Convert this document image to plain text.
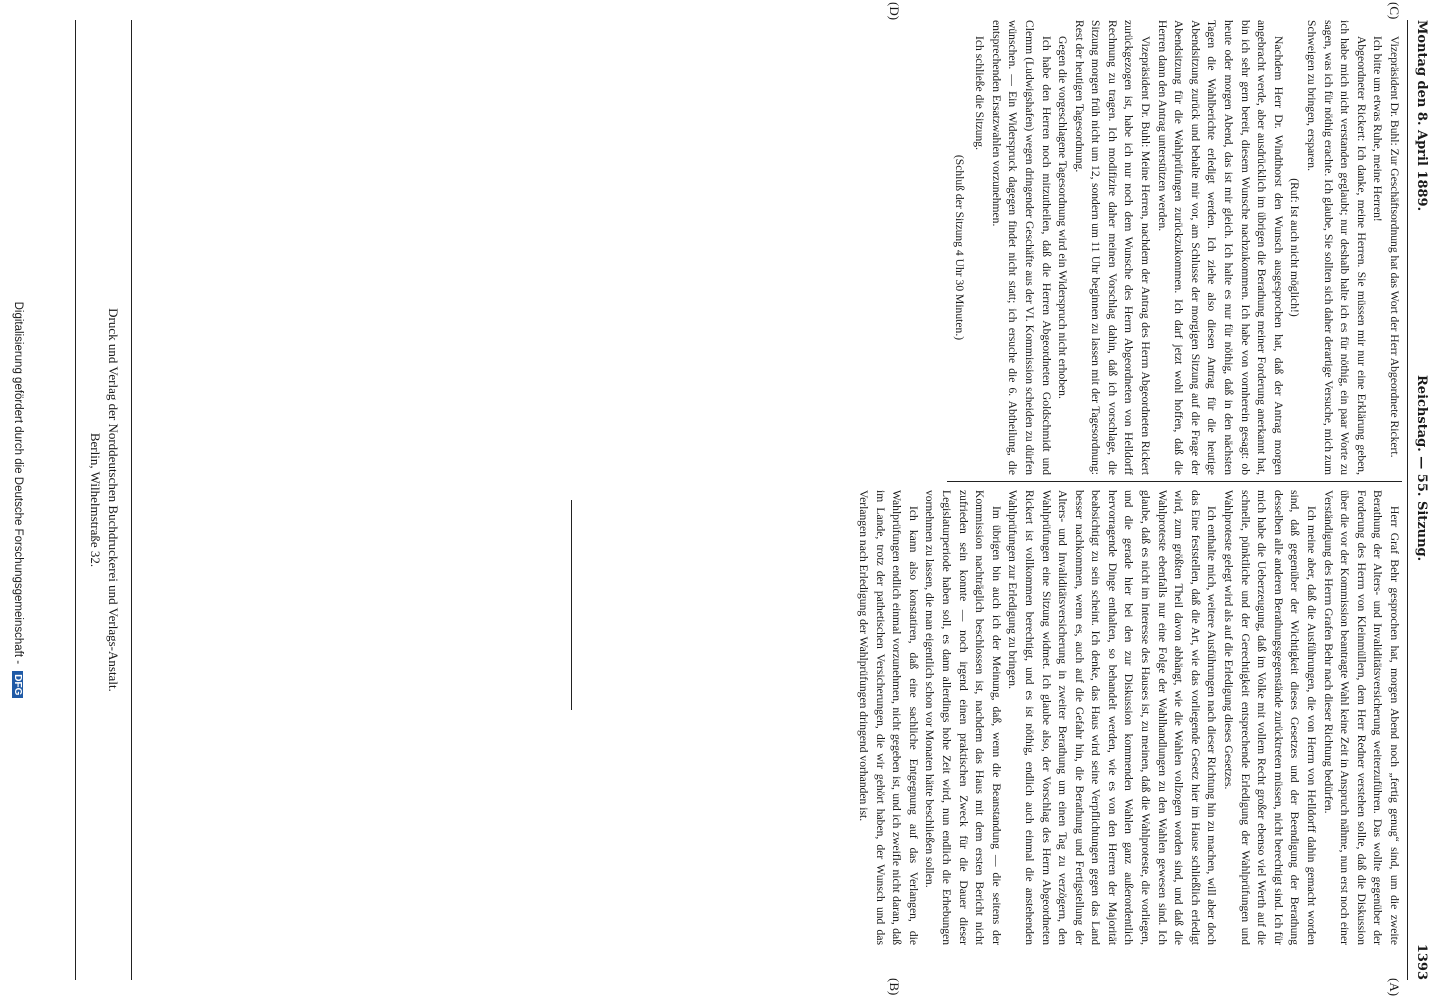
Montag den 8. April 1889.
Reichstag. — 55. Sitzung.
1393
(A)
(B)
(C)
(D)

Herr Graf Behr gesprochen hat, morgen Abend noch „fertig genug“ sind, um die zweite Berathung der Alters- und Invaliditätsversicherung weiterzuführen. Das wollte gegenüber der Forderung des Herrn von Kleinmüllern, dem Herr Redner verstehen sollte, daß die Diskussion über die vor der Kommission beantragte Wahl keine Zeit in Anspruch nähme, nun erst noch einer Verständigung des Herrn Grafen Behr nach dieser Richtung bedürfen.

Ich meine aber, daß die Ausführungen, die von Herrn von Helldorff dahin gemacht worden sind, daß gegenüber der Wichtigkeit dieses Gesetzes und der Beendigung der Berathung desselben alle anderen Berathungsgegenstände zurücktreten müssen, nicht berechtigt sind. Ich für mich habe die Ueberzeugung, daß im Volke mit vollem Recht großer ebenso viel Werth auf die schnelle, pünktliche und der Gerechtigkeit entsprechende Erledigung der Wahlprüfungen und Wahlproteste gelegt wird als auf die Erledigung dieses Gesetzes.

Ich enthalte mich, weitere Ausführungen nach dieser Richtung hin zu machen, will aber doch das Eine feststellen, daß die Art, wie das vorliegende Gesetz hier im Hause schließlich erledigt wird, zum größten Theil davon abhängt, wie die Wahlen vollzogen worden sind, und daß die Wahlproteste ebenfalls nur eine Folge der Wahlhandlungen zu den Wahlen gewesen sind. Ich glaube, daß es nicht im Interesse des Hauses ist, zu meinen, daß die Wahlproteste, die vorliegen, und die gerade hier bei den zur Diskussion kommenden Wahlen ganz außerordentlich hervorragende Dinge enthalten, so behandelt werden, wie es von den Herren der Majorität beabsichtigt zu sein scheint. Ich denke, das Haus wird seine Verpflichtungen gegen das Land besser nachkommen, wenn es, auch auf die Gefahr hin, die Berathung und Fertigstellung der Alters- und Invaliditätsversicherung in zweiter Berathung um einen Tag zu verzögern, den Wahlprüfungen eine Sitzung widmet. Ich glaube also, der Vorschlag des Herrn Abgeordneten Rickert ist vollkommen berechtigt, und es ist nöthig, endlich auch einmal die anstehenden Wahlprüfungen zur Erledigung zu bringen.

Im übrigen bin auch ich der Meinung, daß, wenn die Beanstandung — die seitens der Kommission nachträglich beschlossen ist, nachdem das Haus mit dem ersten Bericht nicht zufrieden sein konnte — noch irgend einen praktischen Zweck für die Dauer dieser Legislaturperiode haben soll, es dann allerdings hohe Zeit wird, nun endlich die Erhebungen vornehmen zu lassen, die man eigentlich schon vor Monaten hätte beschließen sollen.

Ich kann also konstatiren, daß eine sachliche Entgegnung auf das Verlangen, die Wahlprüfungen endlich einmal vorzunehmen, nicht gegeben ist, und ich zweifle nicht daran, daß im Lande, trotz der pathetischen Versicherungen, die wir gehört haben, der Wunsch und das Verlangen nach Erledigung der Wahlprüfungen dringend vorhanden ist.

Vizepräsident Dr. Buhl: Zur Geschäftsordnung hat das Wort der Herr Abgeordnete Rickert.

Ich bitte um etwas Ruhe, meine Herren!

Abgeordneter Rickert: Ich danke, meine Herren. Sie müssen mir nur eine Erklärung geben, ich habe mich nicht verstanden geglaubt; nur deshalb halte ich es für nöthig, ein paar Worte zu sagen, was ich für nöthig erachte. Ich glaube, Sie sollten sich daher derartige Versuche, mich zum Schweigen zu bringen, ersparen.

(Ruf: Ist auch nicht möglich!)

Nachdem Herr Dr. Windthorst den Wunsch ausgesprochen hat, daß der Antrag morgen angebracht werde, aber ausdrücklich im übrigen die Berathung meiner Forderung anerkannt hat, bin ich sehr gern bereit, diesem Wunsche nachzukommen. Ich habe von vornherein gesagt: ob heute oder morgen Abend, das ist mir gleich. Ich halte es nur für nöthig, daß in den nächsten Tagen die Wahlberichte erledigt werden. Ich ziehe also diesen Antrag für die heutige Abendsitzung zurück und behalte mir vor, am Schlusse der morgigen Sitzung auf die Frage der Abendsitzung für die Wahlprüfungen zurückzukommen. Ich darf jetzt wohl hoffen, daß die Herren dann den Antrag unterstützen werden.

Vizepräsident Dr. Buhl: Meine Herren, nachdem der Antrag des Herrn Abgeordneten Rickert zurückgezogen ist, habe ich nur noch dem Wunsche des Herrn Abgeordneten von Helldorff Rechnung zu tragen. Ich modifizire daher meinen Vorschlag dahin, daß ich vorschlage, die Sitzung morgen früh nicht um 12, sondern um 11 Uhr beginnen zu lassen mit der Tagesordnung: Rest der heutigen Tagesordnung.

Gegen die vorgeschlagene Tagesordnung wird ein Widerspruch nicht erhoben.

Ich habe den Herren noch mitzutheilen, daß die Herren Abgeordneten Goldschmidt und Clemm (Ludwigshafen) wegen dringender Geschäfte aus der VI. Kommission scheiden zu dürfen wünschen. — Ein Widerspruck dagegen findet nicht statt; ich ersuche die 6. Abtheilung, die entsprechenden Ersatzwahlen vorzunehmen.

Ich schließe die Sitzung.

(Schluß der Sitzung 4 Uhr 30 Minuten.)

Druck und Verlag der Norddeutschen Buchdruckerei und Verlags-Anstalt.
Berlin, Wilhelmstraße 32.
Digitalisierung gefördert durch die Deutsche Forschungsgemeinschaft - DFG
